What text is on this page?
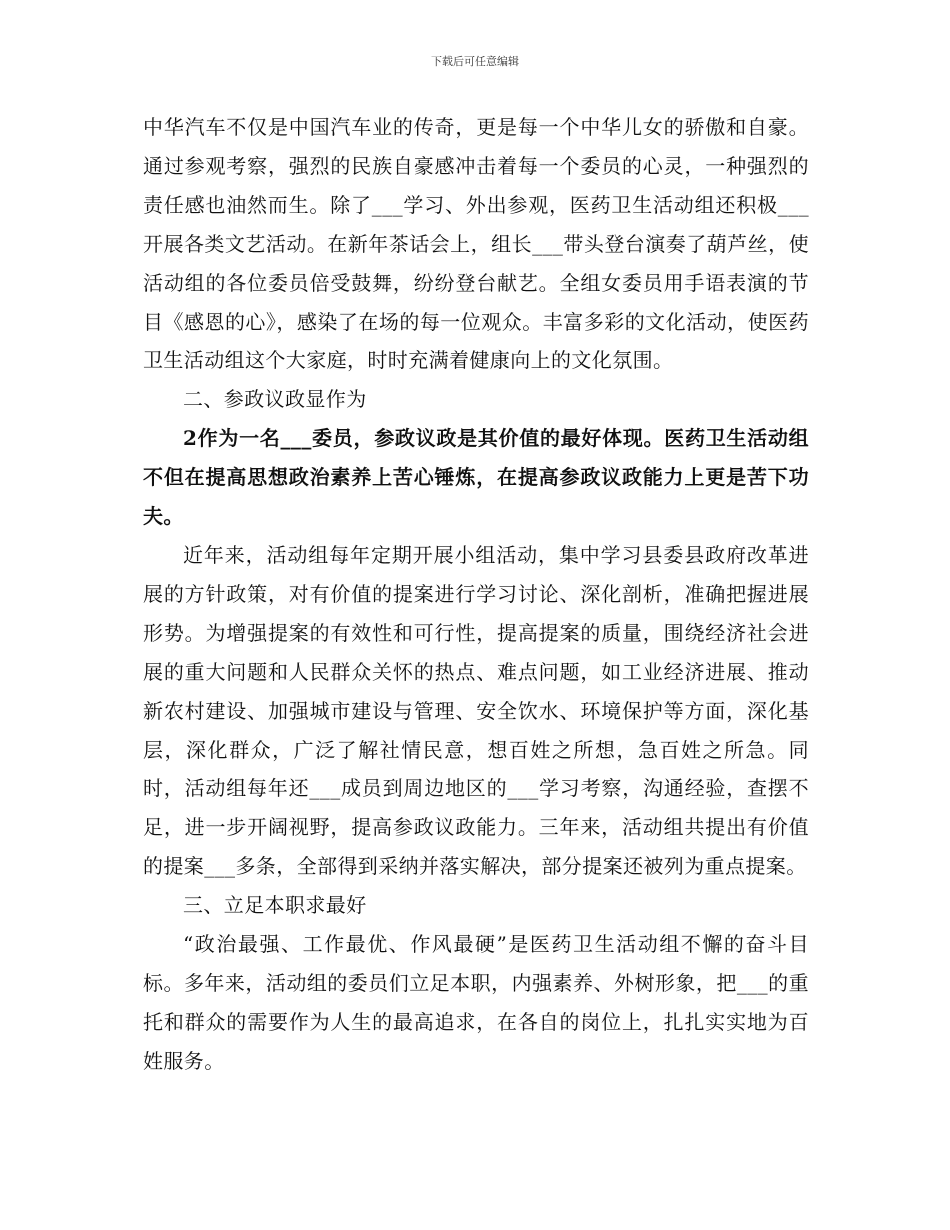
下载后可任意编辑

中华汽车不仅是中国汽车业的传奇，更是每一个中华儿女的骄傲和自豪。通过参观考察，强烈的民族自豪感冲击着每一个委员的心灵，一种强烈的责任感也油然而生。除了___学习、外出参观，医药卫生活动组还积极___开展各类文艺活动。在新年茶话会上，组长___带头登台演奏了葫芦丝，使活动组的各位委员倍受鼓舞，纷纷登台献艺。全组女委员用手语表演的节目《感恩的心》，感染了在场的每一位观众。丰富多彩的文化活动，使医药卫生活动组这个大家庭，时时充满着健康向上的文化氛围。

二、参政议政显作为

2作为一名___委员，参政议政是其价值的最好体现。医药卫生活动组不但在提高思想政治素养上苦心锤炼，在提高参政议政能力上更是苦下功夫。

近年来，活动组每年定期开展小组活动，集中学习县委县政府改革进展的方针政策，对有价值的提案进行学习讨论、深化剖析，准确把握进展形势。为增强提案的有效性和可行性，提高提案的质量，围绕经济社会进展的重大问题和人民群众关怀的热点、难点问题，如工业经济进展、推动新农村建设、加强城市建设与管理、安全饮水、环境保护等方面，深化基层，深化群众，广泛了解社情民意，想百姓之所想，急百姓之所急。同时，活动组每年还___成员到周边地区的___学习考察，沟通经验，查摆不足，进一步开阔视野，提高参政议政能力。三年来，活动组共提出有价值的提案___多条，全部得到采纳并落实解决，部分提案还被列为重点提案。

三、立足本职求最好

“政治最强、工作最优、作风最硬”是医药卫生活动组不懈的奋斗目标。多年来，活动组的委员们立足本职，内强素养、外树形象，把___的重托和群众的需要作为人生的最高追求，在各自的岗位上，扎扎实实地为百姓服务。
